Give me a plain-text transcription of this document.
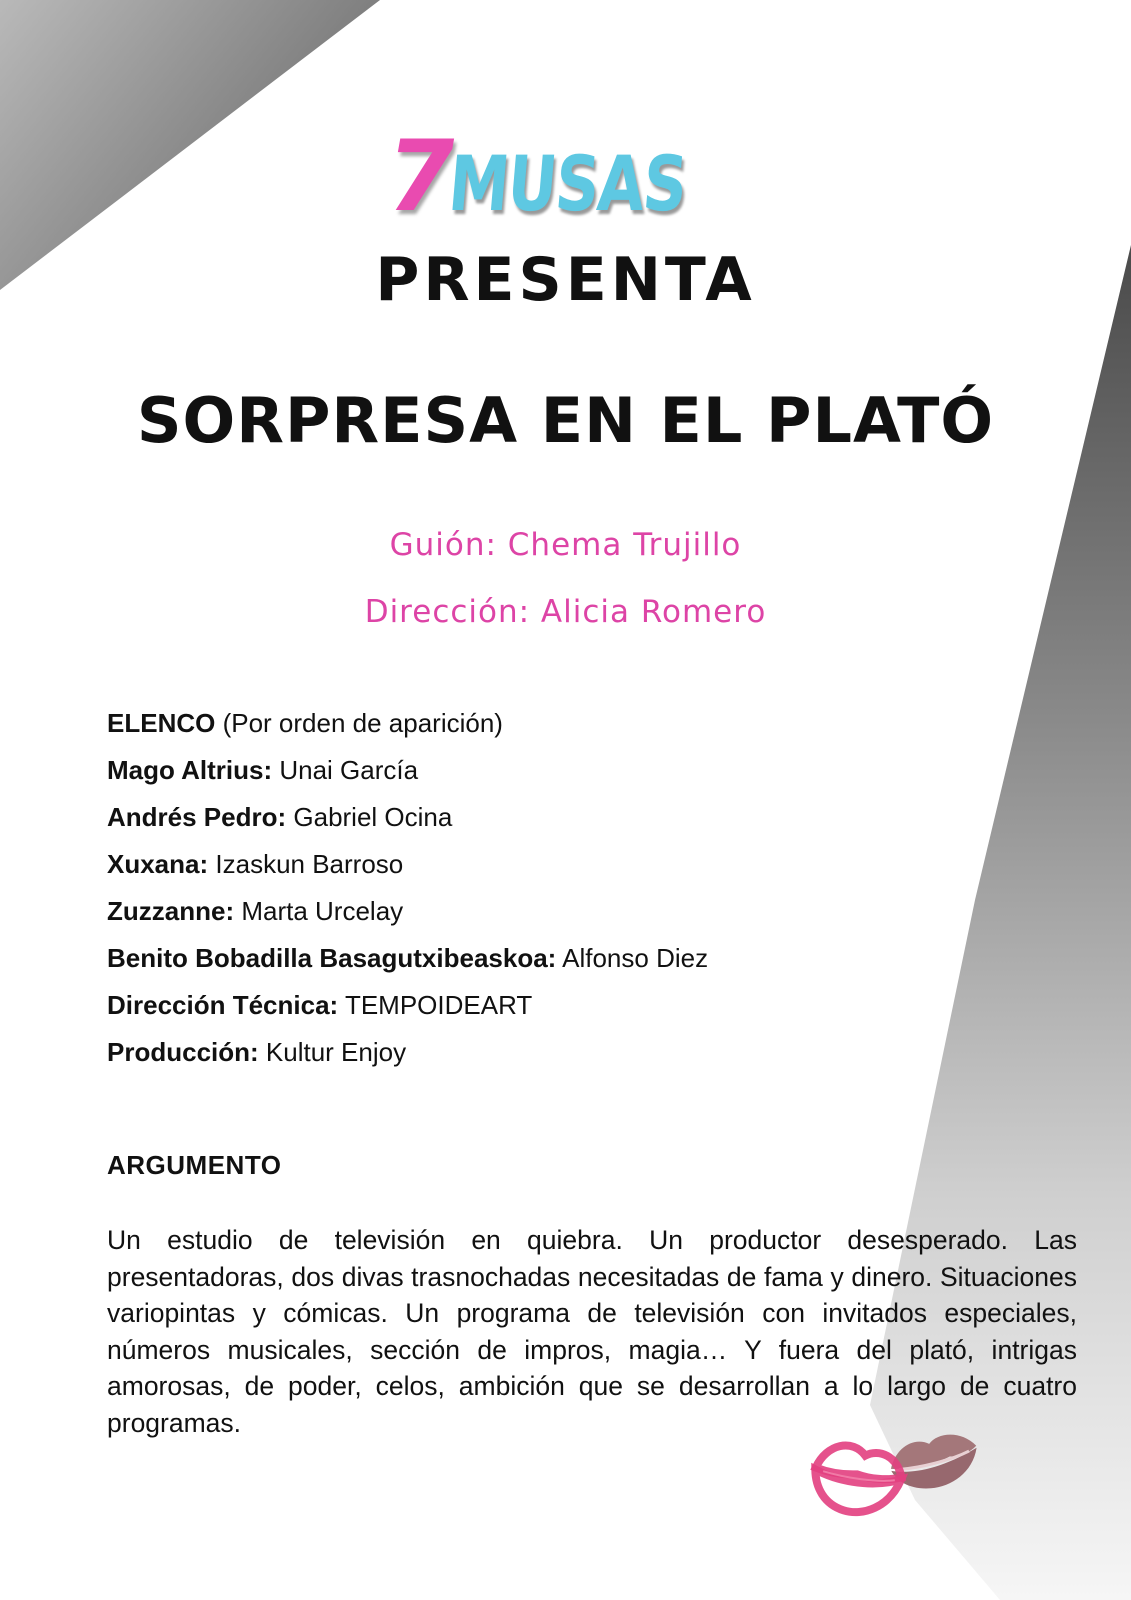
7MUSAS
PRESENTA
SORPRESA EN EL PLATÓ
Guión: Chema Trujillo
Dirección: Alicia Romero
ELENCO (Por orden de aparición)
Mago Altrius: Unai García
Andrés Pedro: Gabriel Ocina
Xuxana: Izaskun Barroso
Zuzzanne: Marta Urcelay
Benito Bobadilla Basagutxibeaskoa: Alfonso Diez
Dirección Técnica: TEMPOIDEART
Producción: Kultur Enjoy
ARGUMENTO
Un estudio de televisión en quiebra. Un productor desesperado. Las presentadoras, dos divas trasnochadas necesitadas de fama y dinero. Situaciones variopintas y cómicas. Un programa de televisión con invitados especiales, números musicales, sección de impros, magia… Y fuera del plató, intrigas amorosas, de poder, celos, ambición que se desarrollan a lo largo de cuatro programas.
